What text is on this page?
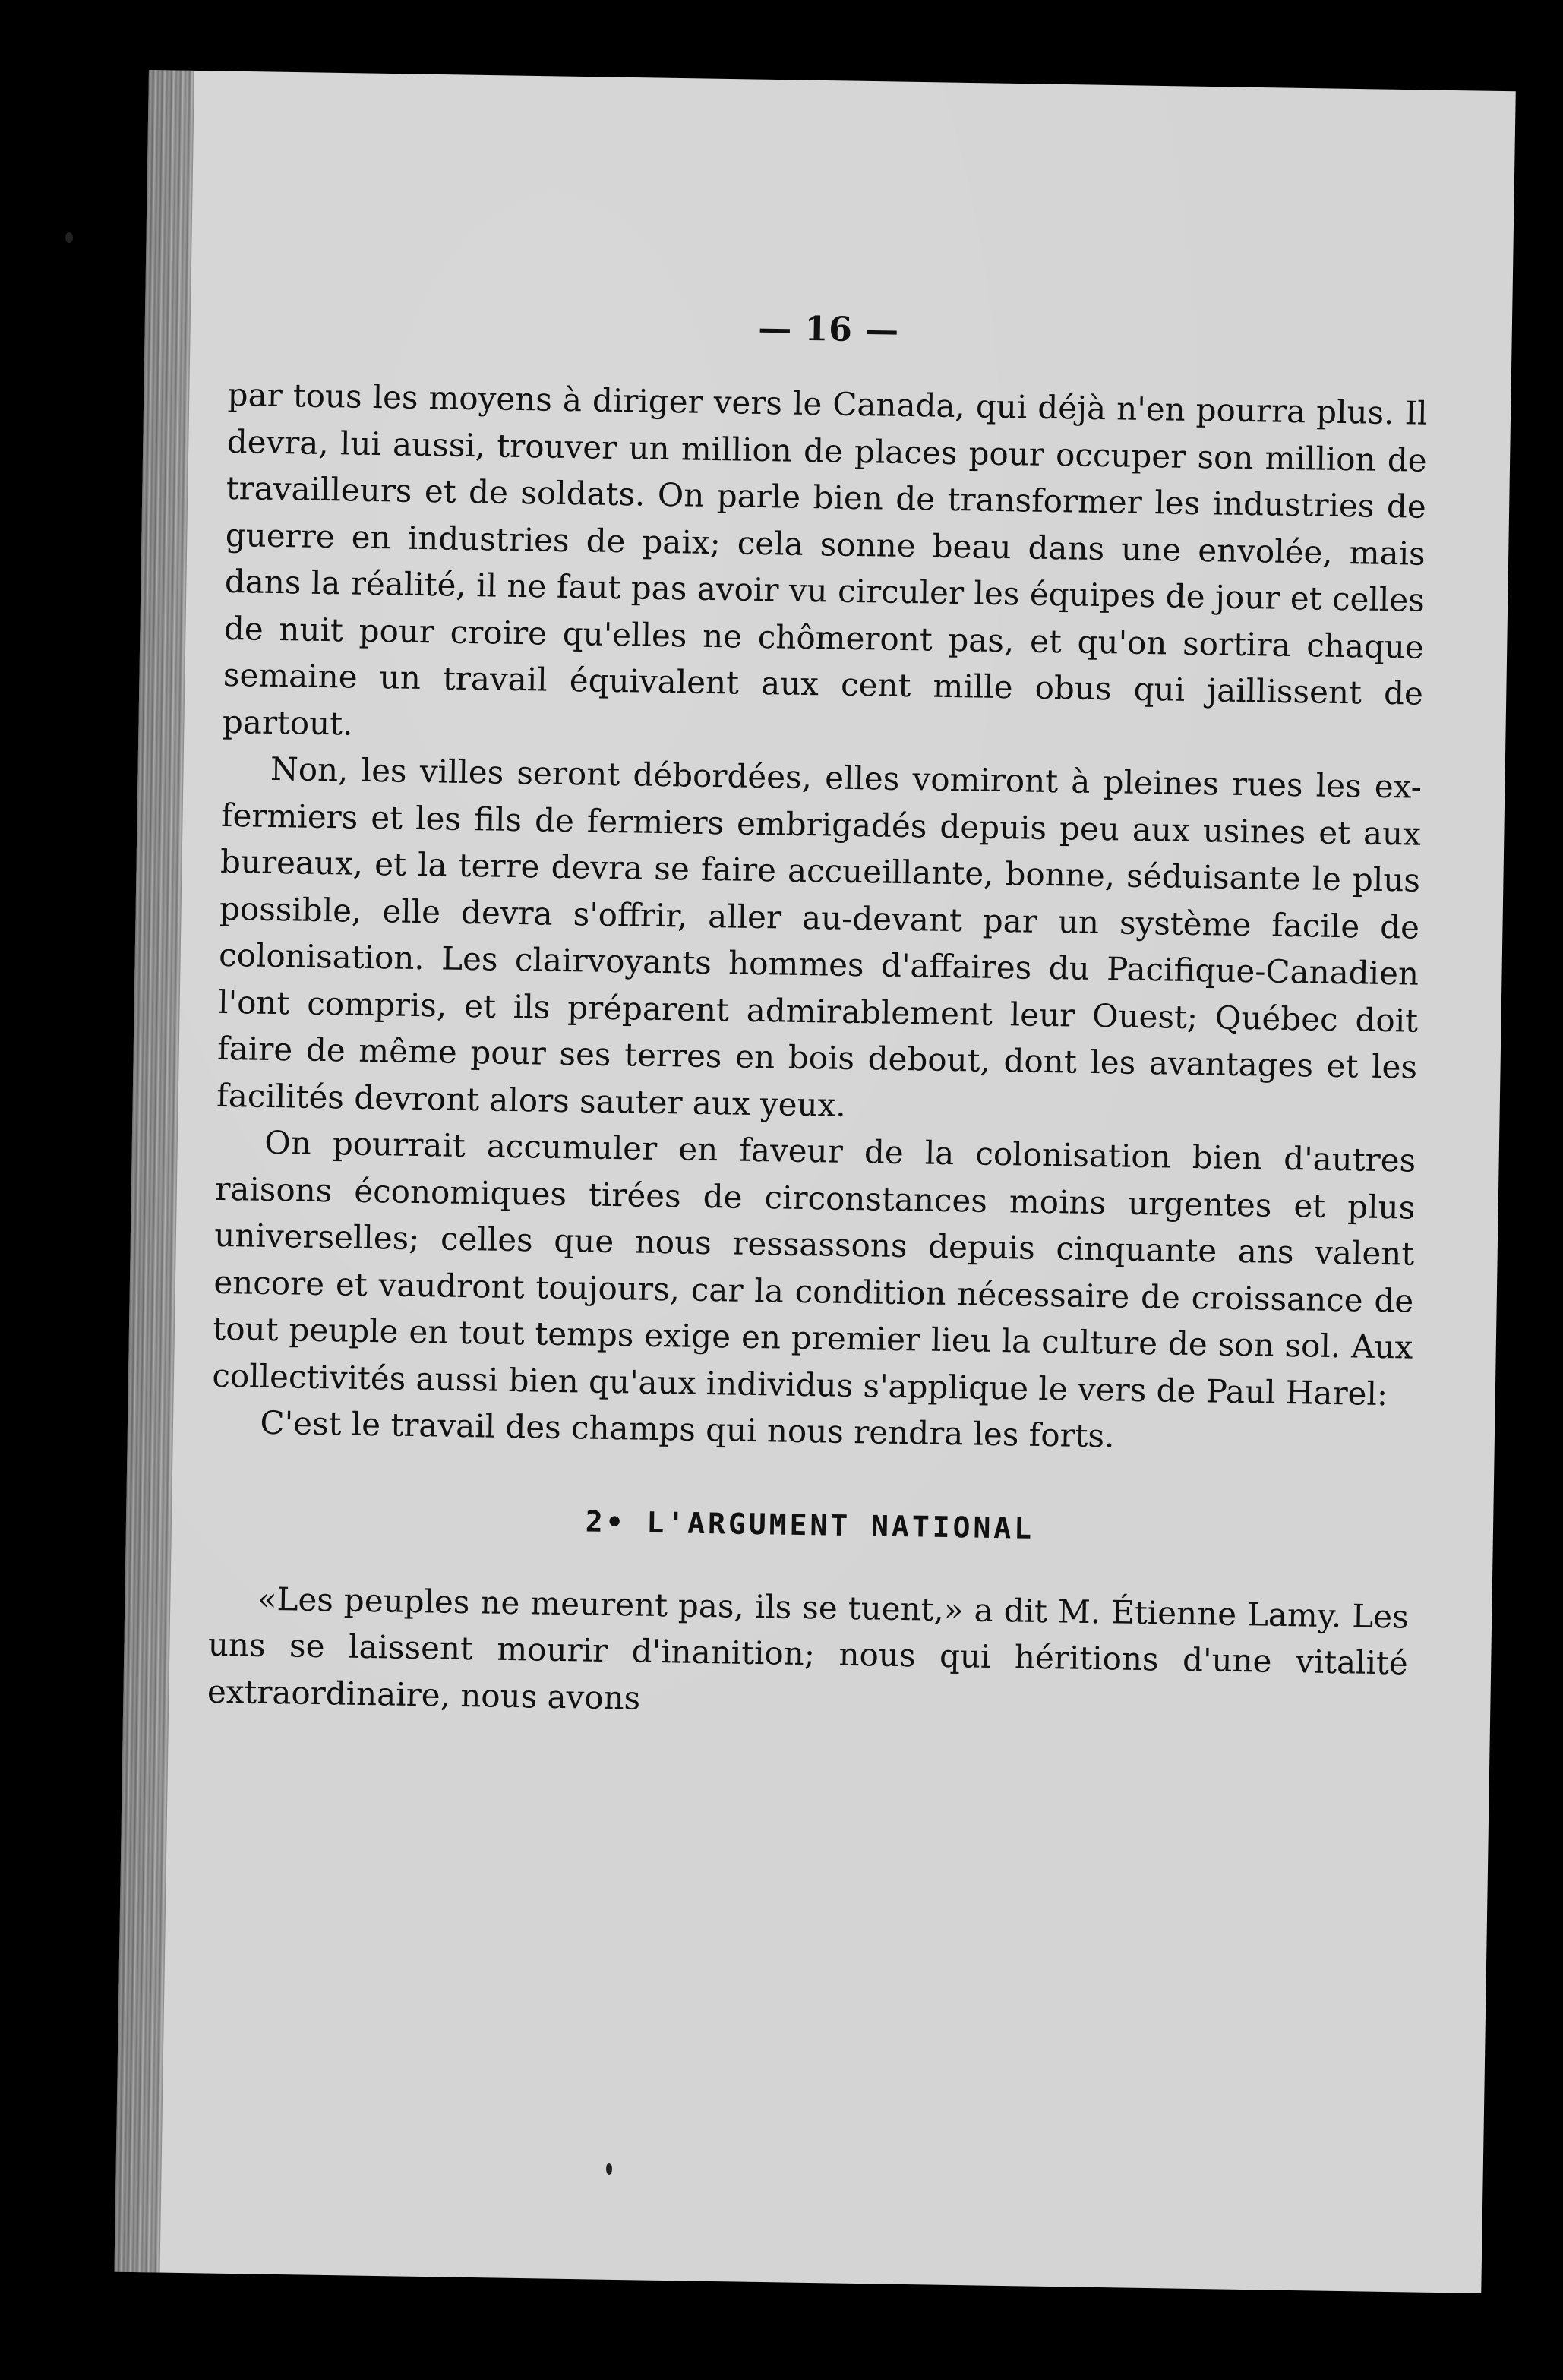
— 16 —

par tous les moyens à diriger vers le Canada, qui déjà n'en pourra plus. Il devra, lui aussi, trouver un million de places pour occuper son million de travailleurs et de soldats. On parle bien de transformer les industries de guerre en industries de paix; cela sonne beau dans une envolée, mais dans la réalité, il ne faut pas avoir vu circuler les équipes de jour et celles de nuit pour croire qu'elles ne chômeront pas, et qu'on sortira chaque semaine un travail équivalent aux cent mille obus qui jaillissent de partout.

Non, les villes seront débordées, elles vomiront à pleines rues les ex-fermiers et les fils de fermiers embrigadés depuis peu aux usines et aux bureaux, et la terre devra se faire accueillante, bonne, séduisante le plus possible, elle devra s'offrir, aller au-devant par un système facile de colonisation. Les clairvoyants hommes d'affaires du Pacifique-Canadien l'ont compris, et ils préparent admirablement leur Ouest; Québec doit faire de même pour ses terres en bois debout, dont les avantages et les facilités devront alors sauter aux yeux.

On pourrait accumuler en faveur de la colonisation bien d'autres raisons économiques tirées de circonstances moins urgentes et plus universelles; celles que nous ressassons depuis cinquante ans valent encore et vaudront toujours, car la condition nécessaire de croissance de tout peuple en tout temps exige en premier lieu la culture de son sol. Aux collectivités aussi bien qu'aux individus s'applique le vers de Paul Harel:

C'est le travail des champs qui nous rendra les forts.

2• L'ARGUMENT NATIONAL

«Les peuples ne meurent pas, ils se tuent,» a dit M. Étienne Lamy. Les uns se laissent mourir d'inanition; nous qui héritions d'une vitalité extraordinaire, nous avons
